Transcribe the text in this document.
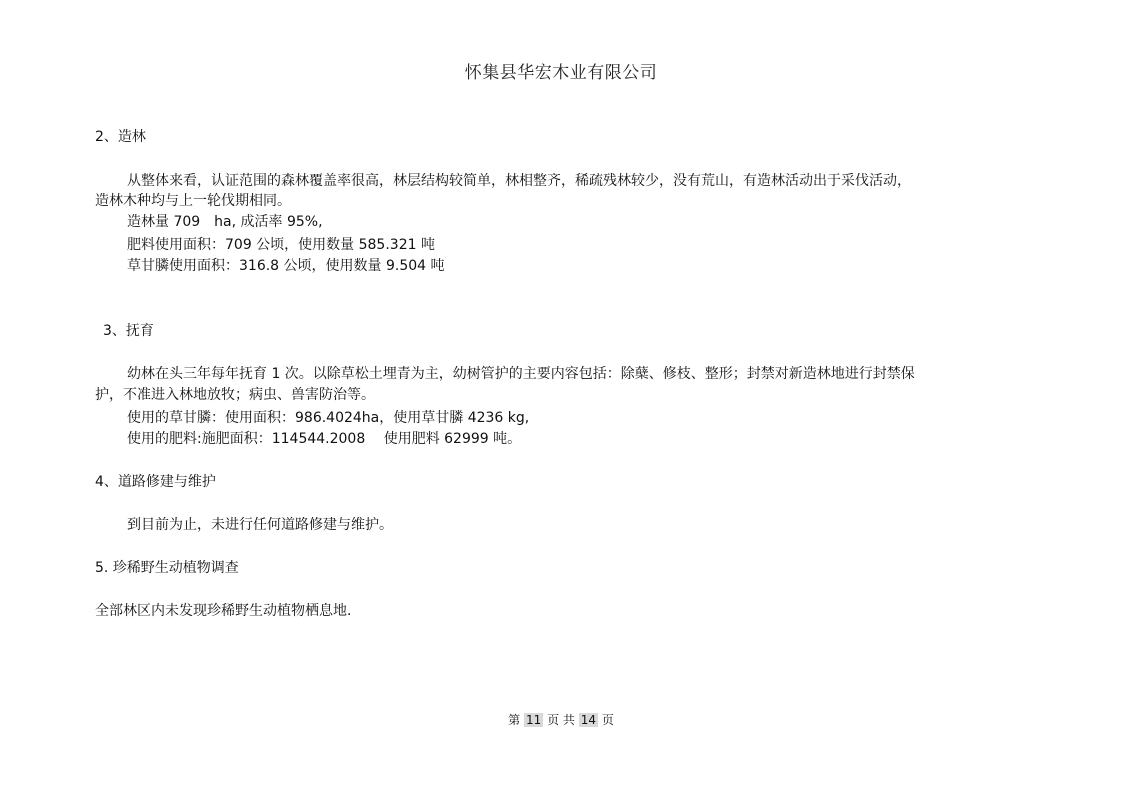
怀集县华宏木业有限公司
2、造林
从整体来看，认证范围的森林覆盖率很高，林层结构较简单，林相整齐，稀疏残林较少，没有荒山，有造林活动出于采伐活动，
造林木种均与上一轮伐期相同。
造林量 709　ha, 成活率 95%,
肥料使用面积：709 公顷，使用数量 585.321 吨
草甘膦使用面积：316.8 公顷，使用数量 9.504 吨
3、抚育
幼林在头三年每年抚育 1 次。以除草松土埋青为主，幼树管护的主要内容包括：除蘖、修枝、整形；封禁对新造林地进行封禁保
护，不准进入林地放牧；病虫、兽害防治等。
使用的草甘膦：使用面积：986.4024ha，使用草甘膦 4236 kg,
使用的肥料:施肥面积：114544.2008　 使用肥料 62999 吨。
4、道路修建与维护
到目前为止，未进行任何道路修建与维护。
5. 珍稀野生动植物调查
全部林区内未发现珍稀野生动植物栖息地.
第 11 页 共 14 页
